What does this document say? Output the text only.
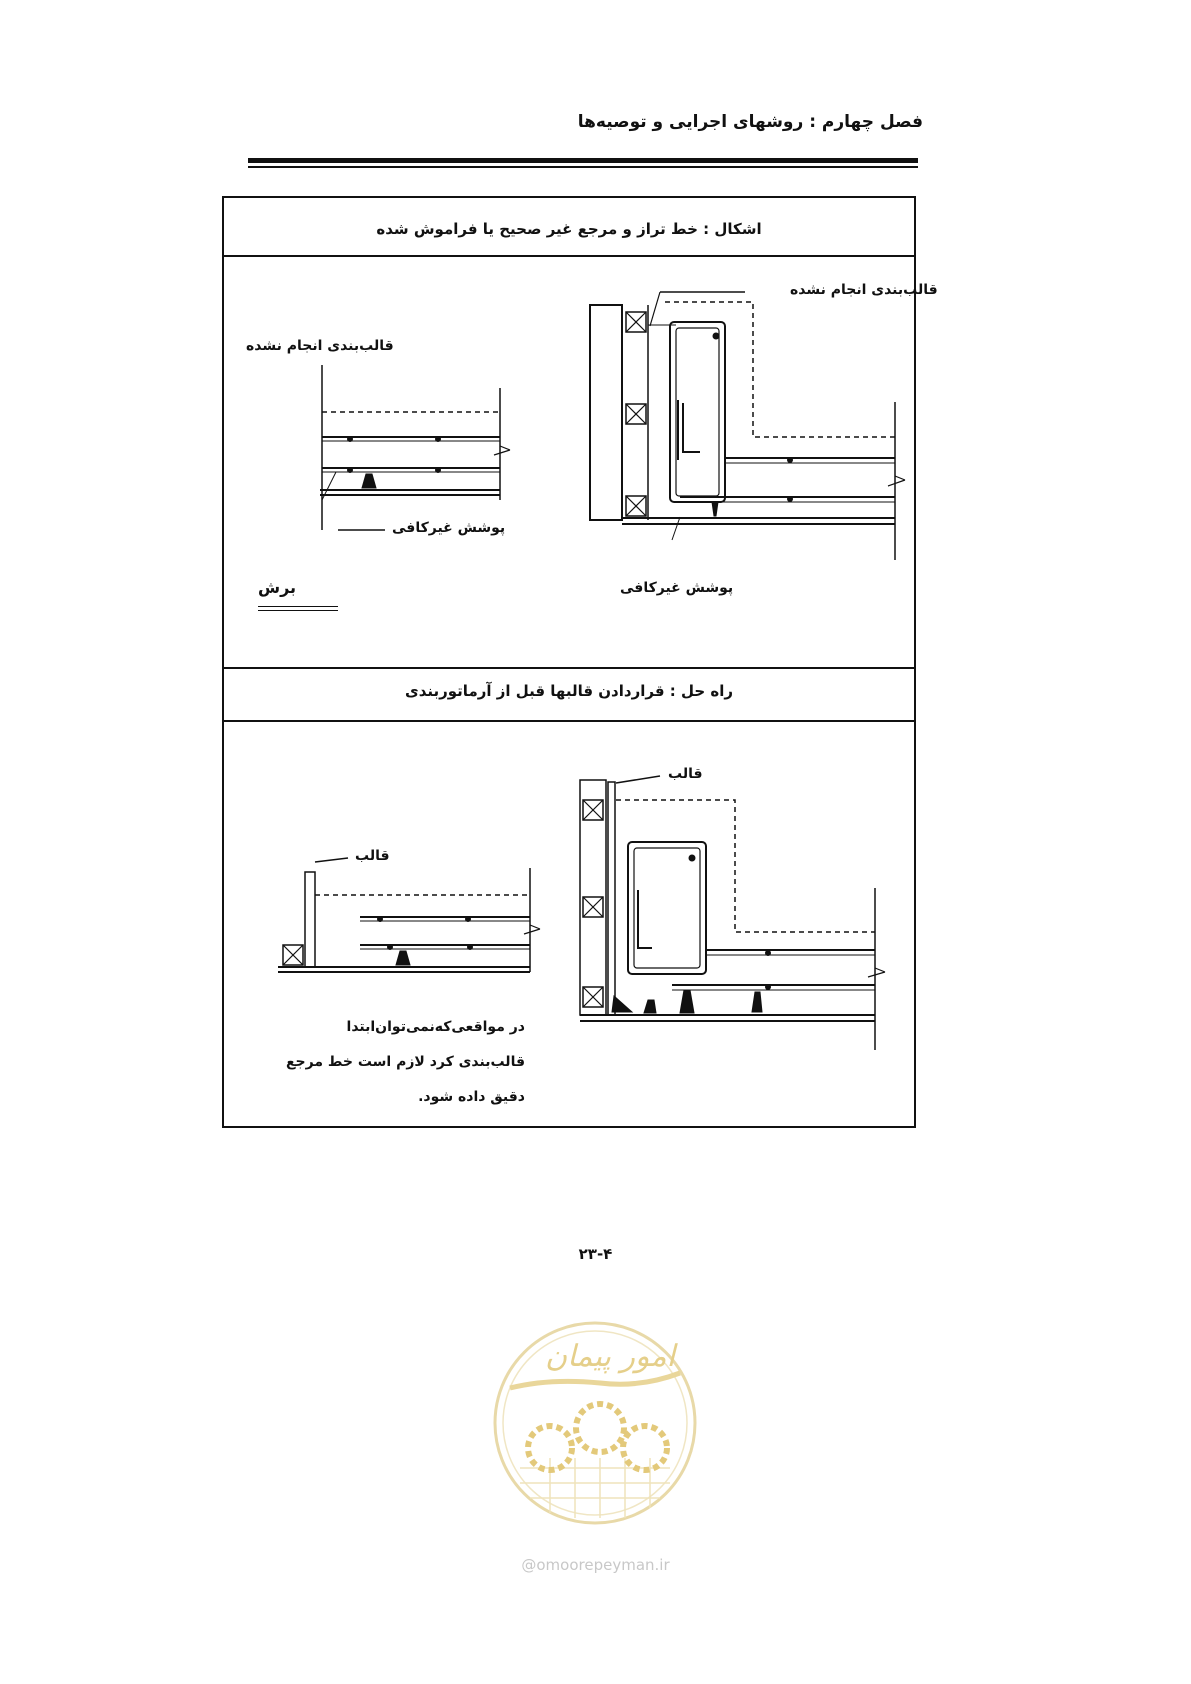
فصل چهارم : روشهای اجرایی و توصیه‌ها
اشکال : خط تراز و مرجع غیر صحیح یا فراموش شده
راه حل : قراردادن قالبها قبل از آرماتوربندی
قالب‌بندی انجام نشده
پوشش غیرکافی
قالب‌بندی انجام نشده
پوشش غیرکافی
برش
قالب
قالب
در مواقعی‌که‌نمی‌توان‌ابتدا قالب‌بندی کرد لازم است خط مرجع دقیق داده شود.
۲۳-۴
امور پیمان
@omoorepeyman.ir
